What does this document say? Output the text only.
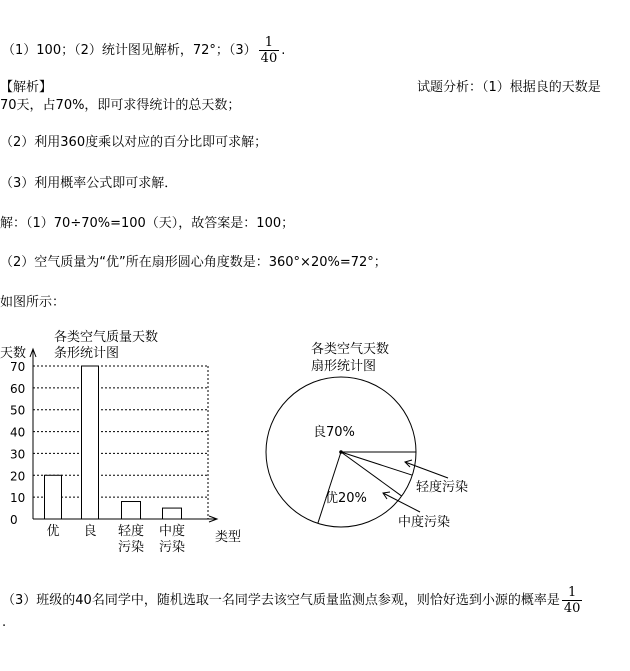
（1）100；（2）统计图见解析，72°；$(3) \frac{1}{40}$ .
【解析】	试题分析：（1）根据良的天数是
70天，占70%，即可求得统计的总天数；
（2）利用360度乘以对应的百分比即可求解；
（3）利用概率公式即可求解．
解：（1）70÷70%=100（天），故答案是：100；
（2）空气质量为“优”所在扇形圆心角度数是：360°×20%=72°；
如图所示：
各类空气质量天数
条形统计图
天数
类型
0
10
20
30
40
50
60
70
优 良 轻度
污染
中度
污染
各类空气天数
扇形统计图
良70%
优20%
中度污染
轻度污染
（3）班级的40名同学中，随机选取一名同学去该空气质量监测点参观，则恰好选到小源的概率是 $\frac{1}{40}$
.
